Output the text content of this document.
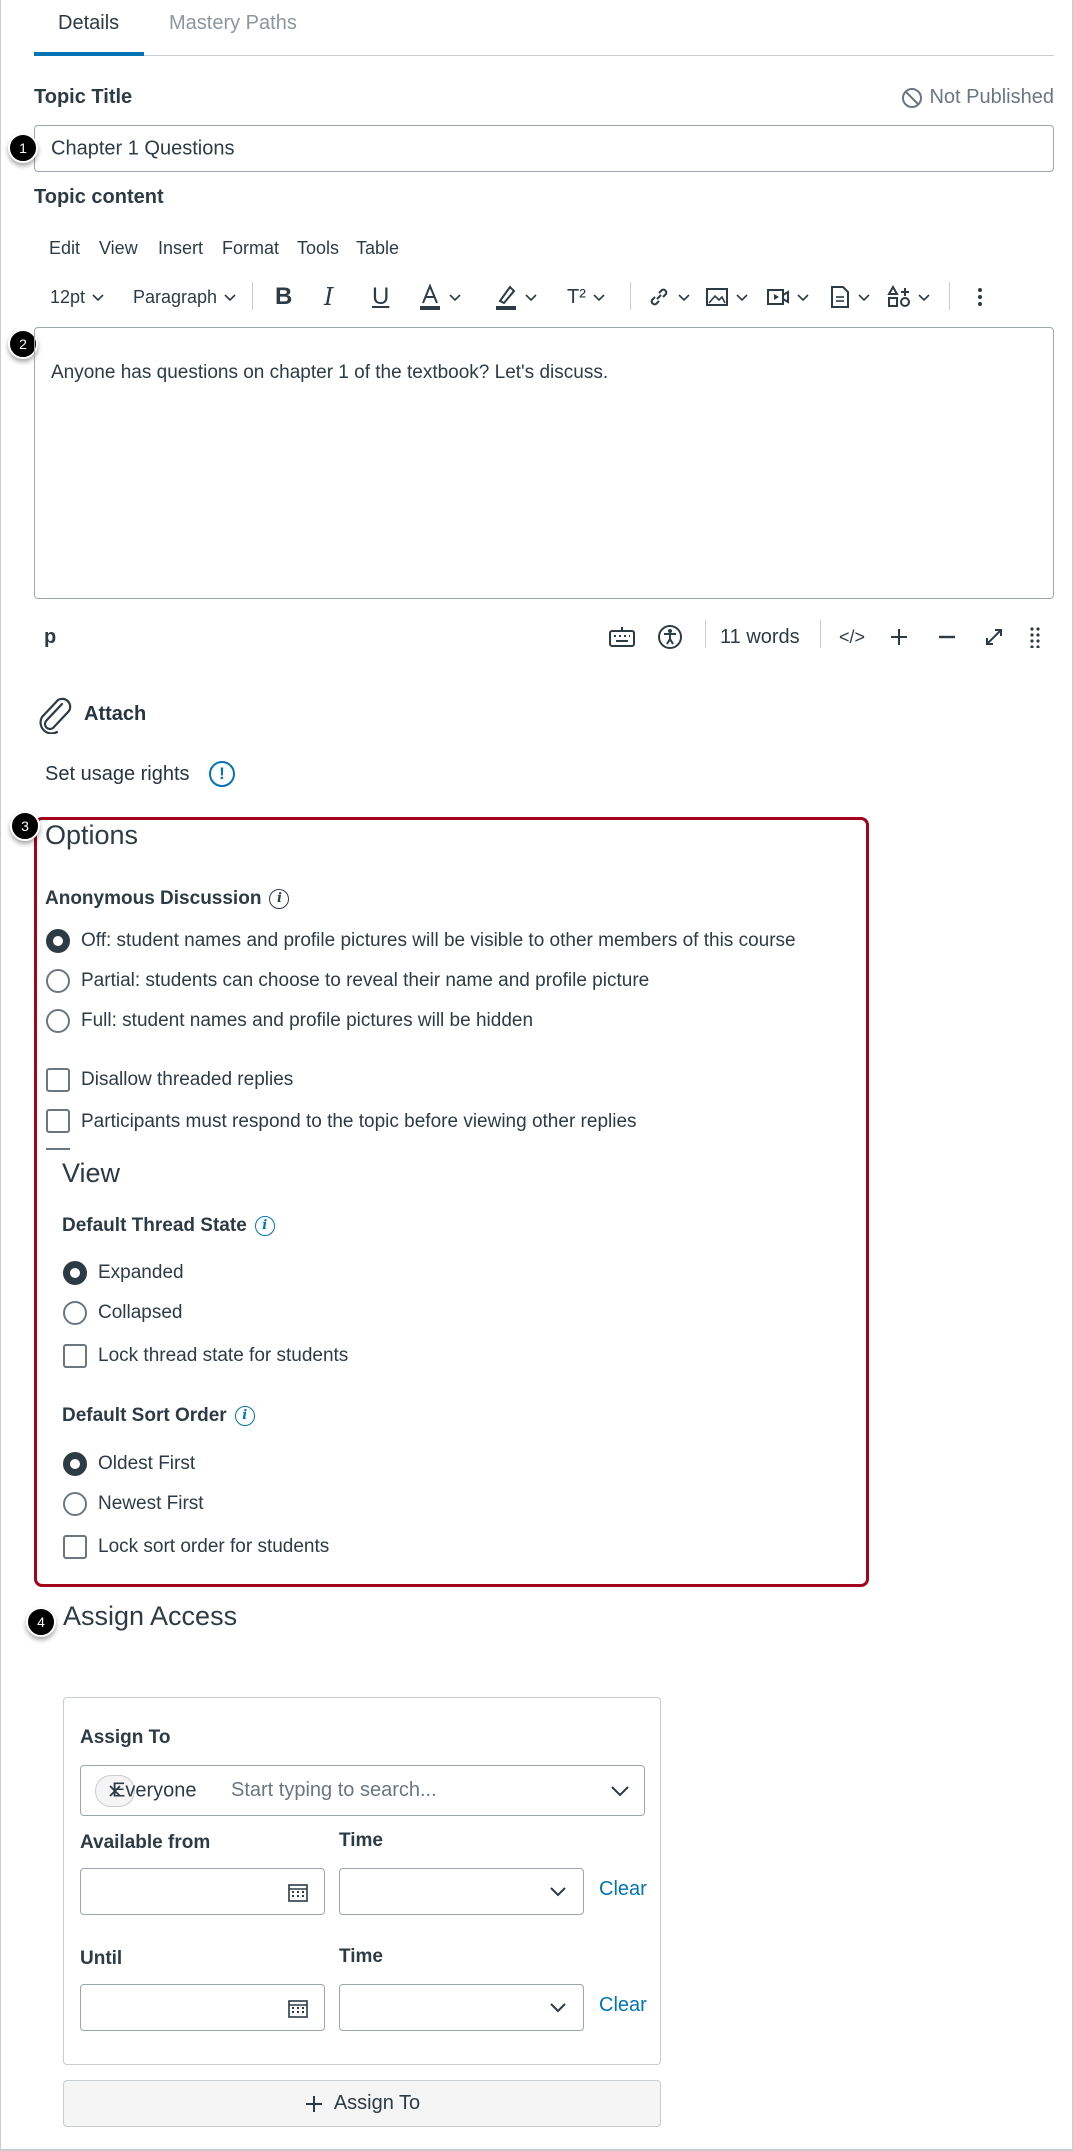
Details Mastery Paths
Topic Title	Not Published
Chapter 1 Questions
1
Topic content
Edit View Insert Format Tools Table
12pt	Paragraph B I U	T²
2
Anyone has questions on chapter 1 of the textbook? Let's discuss.
p	11 words </>
Attach
Set usage rights	!
3 Options
Anonymous Discussion i
Off: student names and profile pictures will be visible to other members of this course
Partial: students can choose to reveal their name and profile picture
Full: student names and profile pictures will be hidden
Disallow threaded replies
Participants must respond to the topic before viewing other replies
View
Default Thread State i
Expanded
Collapsed
Lock thread state for students
Default Sort Order i
Oldest First
Newest First
Lock sort order for students
4 Assign Access
Assign To
Everyone Start typing to search...
Available from	Time
Clear
Until	Time
Clear
Assign To
